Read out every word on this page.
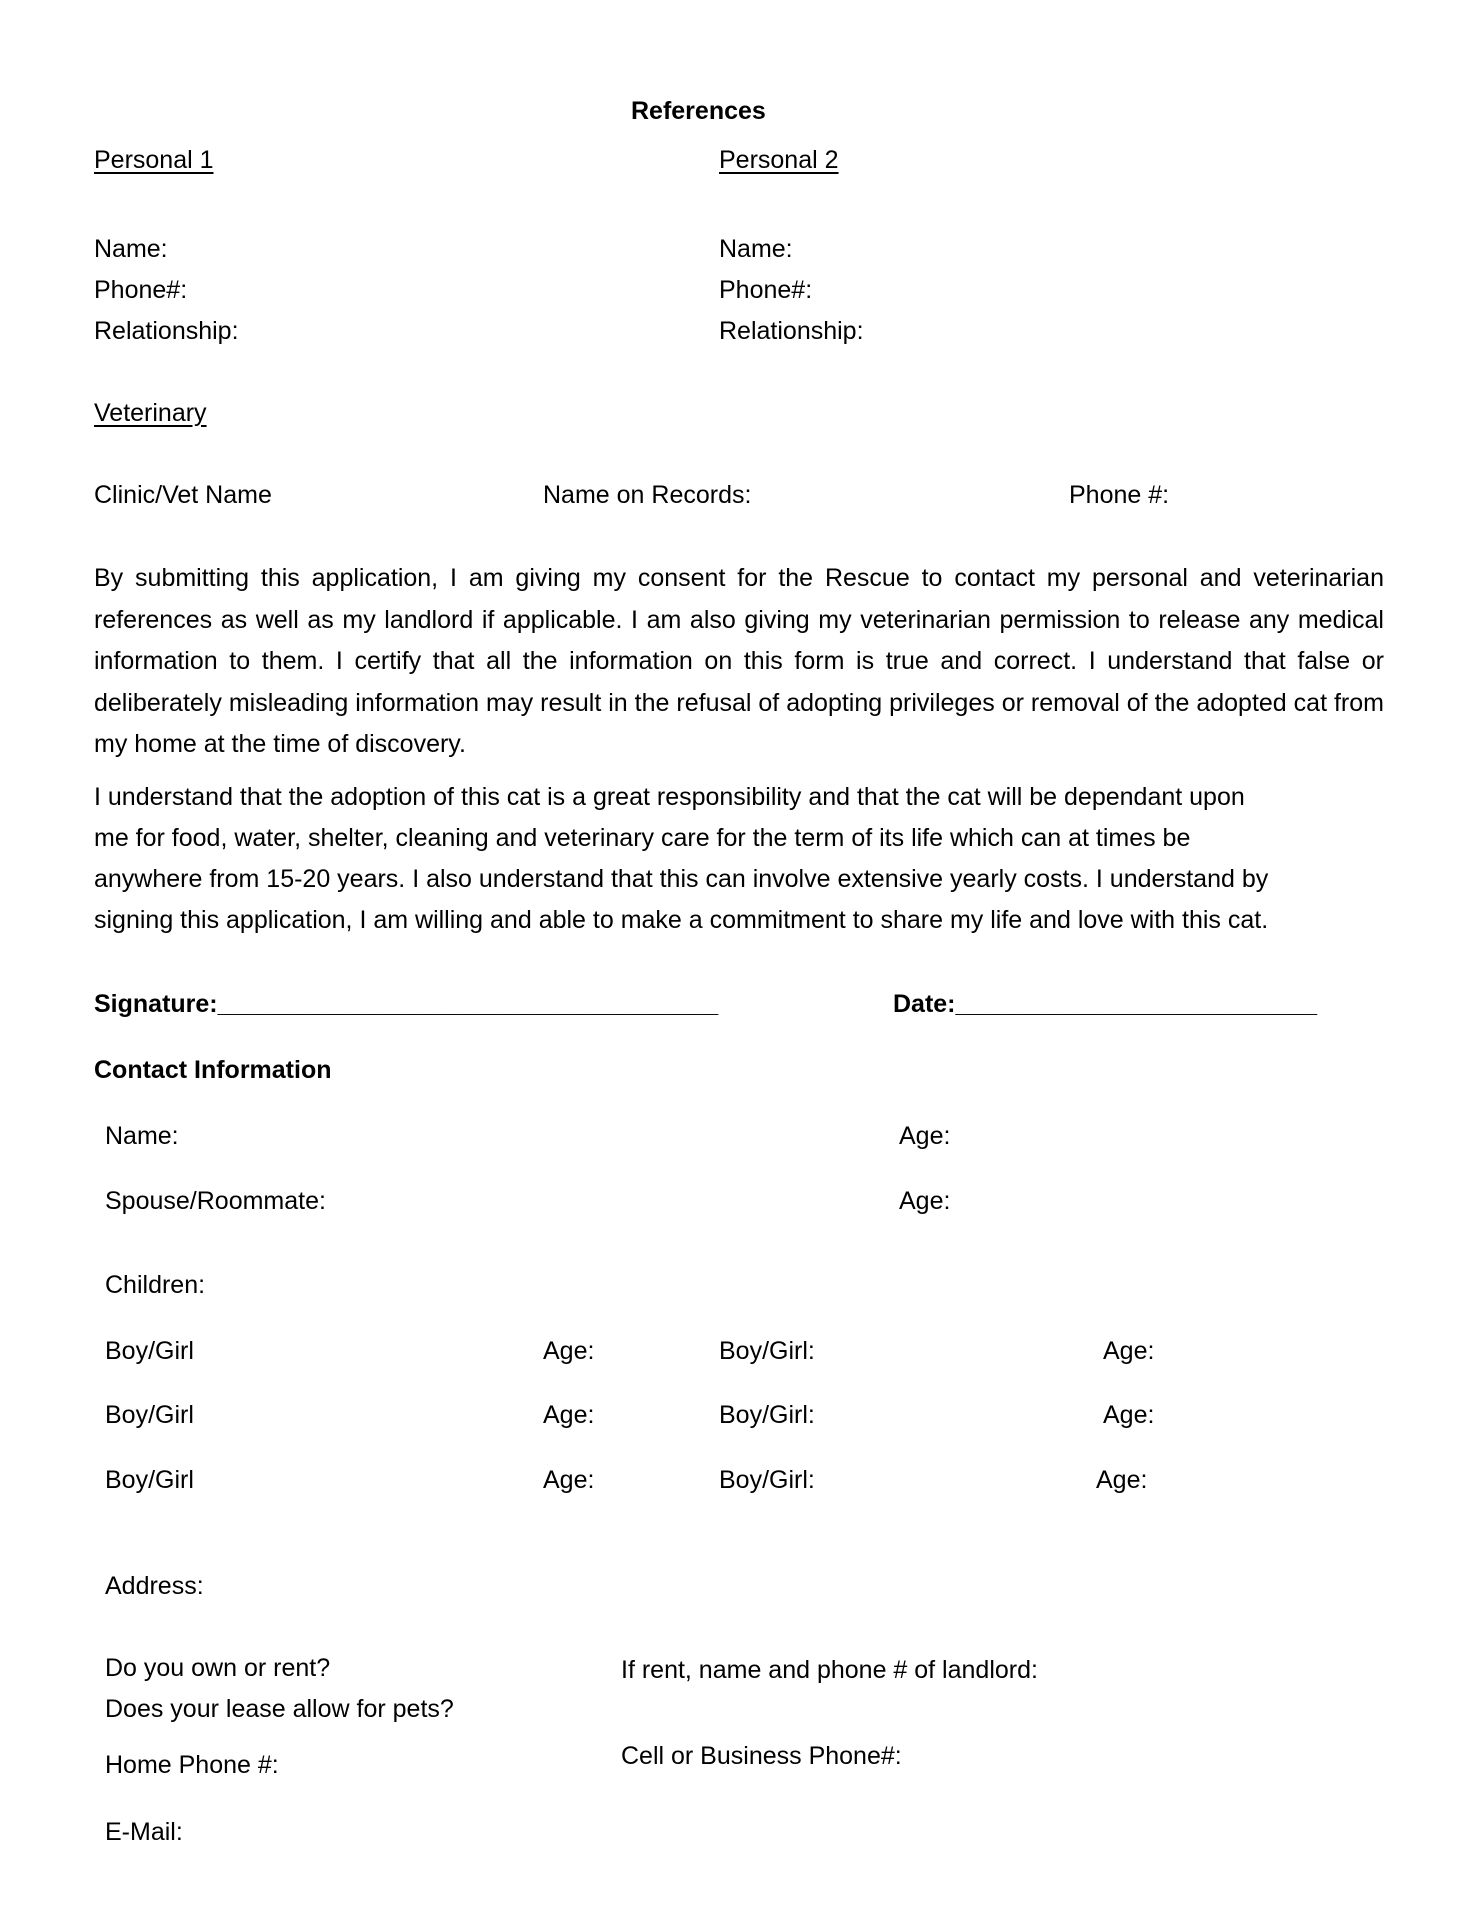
References
Personal 1	Personal 2
Name:
Phone#:
Relationship:
Name:
Phone#:
Relationship:
Veterinary
Clinic/Vet Name	Name on Records:	Phone #:
By submitting this application, I am giving my consent for the Rescue to contact my personal and veterinarian references as well as my landlord if applicable. I am also giving my veterinarian permission to release any medical information to them. I certify that all the information on this form is true and correct. I understand that false or deliberately misleading information may result in the refusal of adopting privileges or removal of the adopted cat from my home at the time of discovery.
I understand that the adoption of this cat is a great responsibility and that the cat will be dependant upon
me for food, water, shelter, cleaning and veterinary care for the term of its life which can at times be
anywhere from 15-20 years. I also understand that this can involve extensive yearly costs. I understand by
signing this application, I am willing and able to make a commitment to share my life and love with this cat.
Signature:____________________________________	Date:__________________________
Contact Information
Name:	Age:
Spouse/Roommate:	Age:
Children:
Boy/Girl	Age:	Boy/Girl:	Age:
Boy/Girl	Age:	Boy/Girl:	Age:
Boy/Girl	Age:	Boy/Girl:	Age:
Address:
Do you own or rent?	If rent, name and phone # of landlord:
Does your lease allow for pets?
Home Phone #:	Cell or Business Phone#:
E-Mail:
